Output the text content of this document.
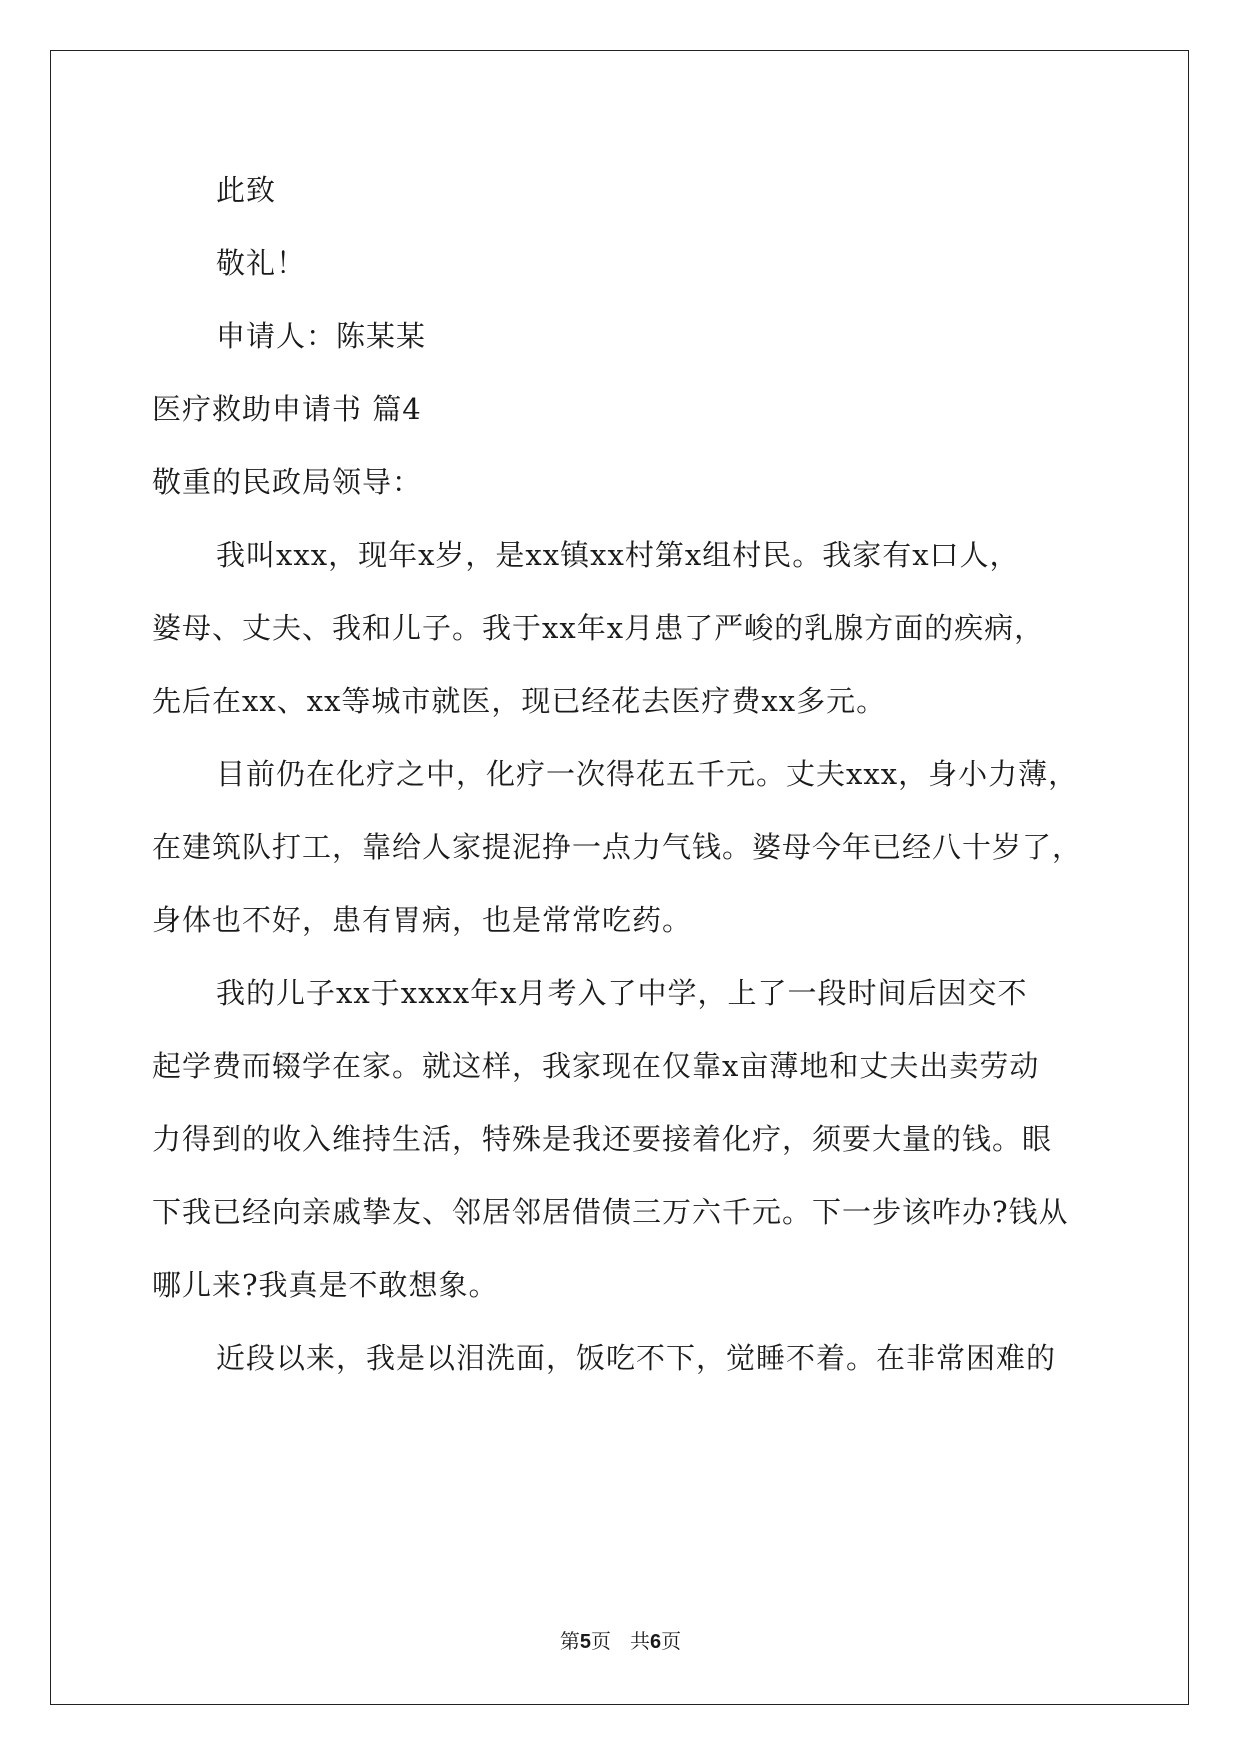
此致
敬礼！
申请人：陈某某
医疗救助申请书 篇4
敬重的民政局领导：
我叫xxx，现年x岁，是xx镇xx村第x组村民。我家有x口人，
婆母、丈夫、我和儿子。我于xx年x月患了严峻的乳腺方面的疾病，
先后在xx、xx等城市就医，现已经花去医疗费xx多元。
目前仍在化疗之中，化疗一次得花五千元。丈夫xxx，身小力薄，
在建筑队打工，靠给人家提泥挣一点力气钱。婆母今年已经八十岁了，
身体也不好，患有胃病，也是常常吃药。
我的儿子xx于xxxx年x月考入了中学，上了一段时间后因交不
起学费而辍学在家。就这样，我家现在仅靠x亩薄地和丈夫出卖劳动
力得到的收入维持生活，特殊是我还要接着化疗，须要大量的钱。眼
下我已经向亲戚挚友、邻居邻居借债三万六千元。下一步该咋办?钱从
哪儿来?我真是不敢想象。
近段以来，我是以泪洗面，饭吃不下，觉睡不着。在非常困难的
第5页   共6页
